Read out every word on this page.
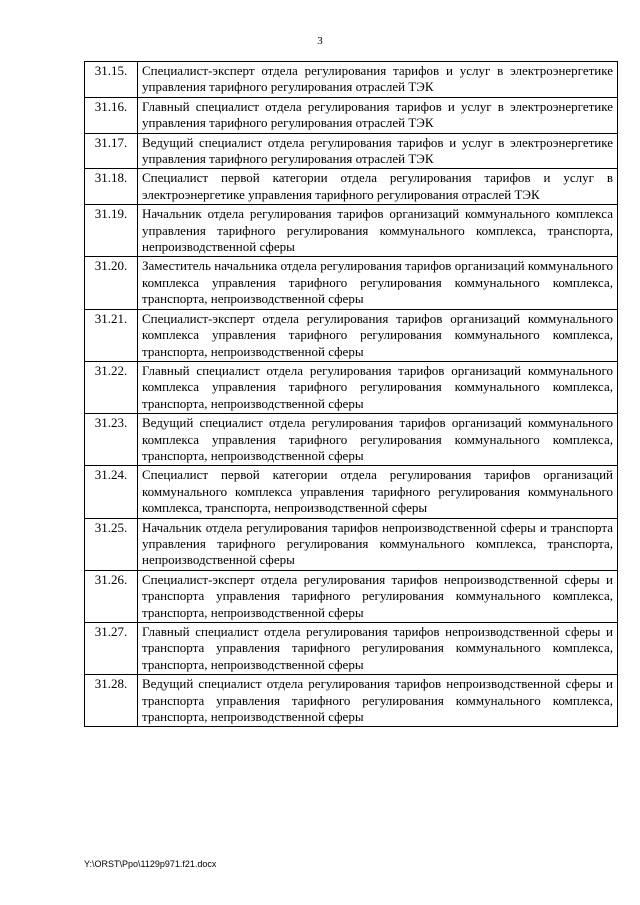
3
31.15.	Специалист-эксперт отдела регулирования тарифов и услуг в электроэнергетике управления тарифного регулирования отраслей ТЭК
31.16.	Главный специалист отдела регулирования тарифов и услуг в электроэнергетике управления тарифного регулирования отраслей ТЭК
31.17.	Ведущий специалист отдела регулирования тарифов и услуг в электроэнергетике управления тарифного регулирования отраслей ТЭК
31.18.	Специалист первой категории отдела регулирования тарифов и услуг в электроэнергетике управления тарифного регулирования отраслей ТЭК
31.19.	Начальник отдела регулирования тарифов организаций коммунального комплекса управления тарифного регулирования коммунального комплекса, транспорта, непроизводственной сферы
31.20.	Заместитель начальника отдела регулирования тарифов организаций коммунального комплекса управления тарифного регулирования коммунального комплекса, транспорта, непроизводственной сферы
31.21.	Специалист-эксперт отдела регулирования тарифов организаций коммунального комплекса управления тарифного регулирования коммунального комплекса, транспорта, непроизводственной сферы
31.22.	Главный специалист отдела регулирования тарифов организаций коммунального комплекса управления тарифного регулирования коммунального комплекса, транспорта, непроизводственной сферы
31.23.	Ведущий специалист отдела регулирования тарифов организаций коммунального комплекса управления тарифного регулирования коммунального комплекса, транспорта, непроизводственной сферы
31.24.	Специалист первой категории отдела регулирования тарифов организаций коммунального комплекса управления тарифного регулирования коммунального комплекса, транспорта, непроизводственной сферы
31.25.	Начальник отдела регулирования тарифов непроизводственной сферы и транспорта управления тарифного регулирования коммунального комплекса, транспорта, непроизводственной сферы
31.26.	Специалист-эксперт отдела регулирования тарифов непроизводственной сферы и транспорта управления тарифного регулирования коммунального комплекса, транспорта, непроизводственной сферы
31.27.	Главный специалист отдела регулирования тарифов непроизводственной сферы и транспорта управления тарифного регулирования коммунального комплекса, транспорта, непроизводственной сферы
31.28.	Ведущий специалист отдела регулирования тарифов непроизводственной сферы и транспорта управления тарифного регулирования коммунального комплекса, транспорта, непроизводственной сферы
Y:\ORST\Ppo\1129p971.f21.docx
